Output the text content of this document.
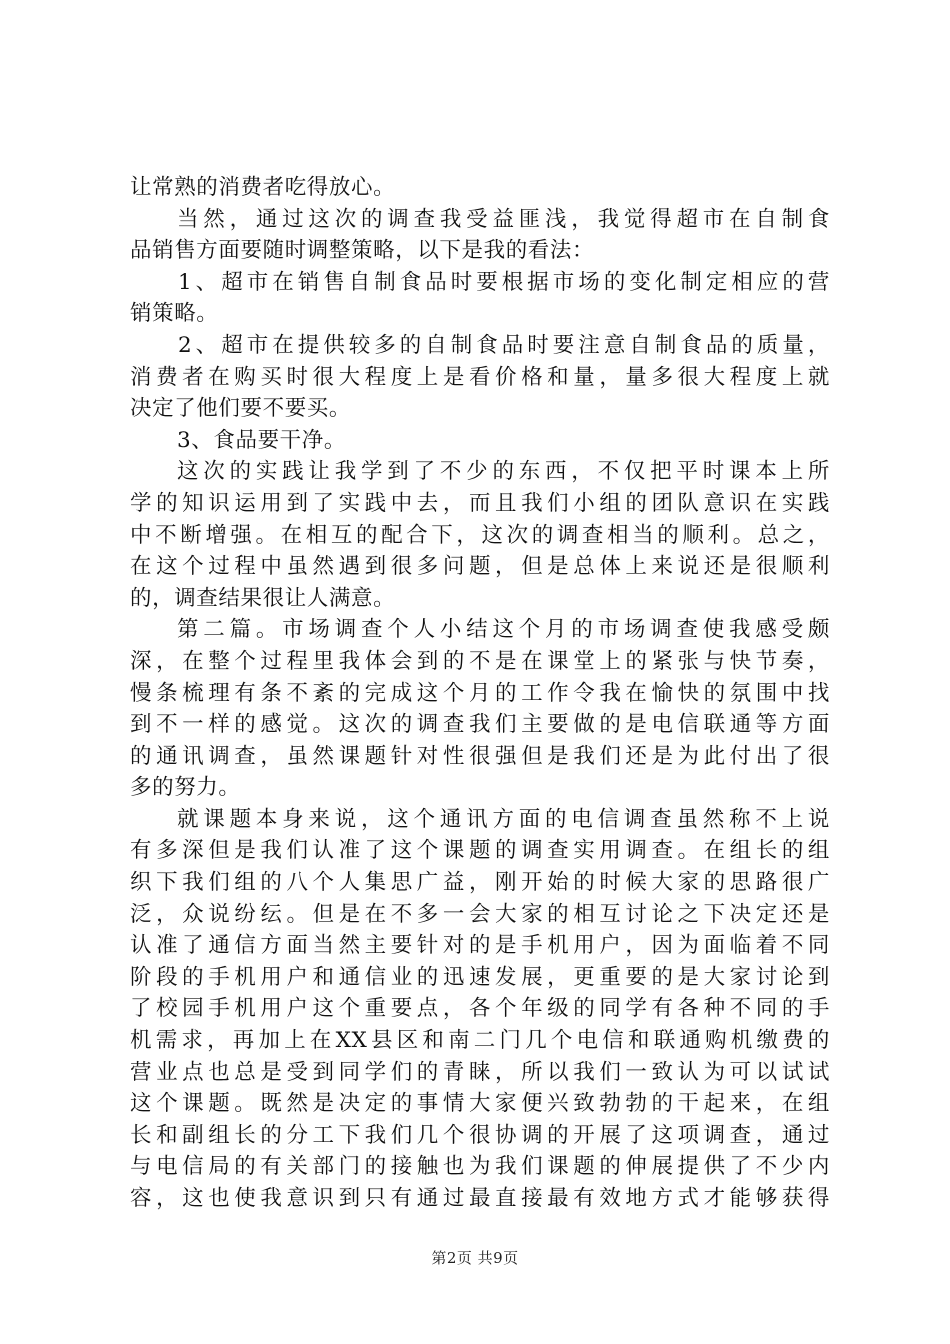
让常熟的消费者吃得放心。
当然，通过这次的调查我受益匪浅，我觉得超市在自制食
品销售方面要随时调整策略，以下是我的看法：
1、超市在销售自制食品时要根据市场的变化制定相应的营
销策略。
2、超市在提供较多的自制食品时要注意自制食品的质量，
消费者在购买时很大程度上是看价格和量，量多很大程度上就
决定了他们要不要买。
3、食品要干净。
这次的实践让我学到了不少的东西，不仅把平时课本上所
学的知识运用到了实践中去，而且我们小组的团队意识在实践
中不断增强。在相互的配合下，这次的调查相当的顺利。总之，
在这个过程中虽然遇到很多问题，但是总体上来说还是很顺利
的，调查结果很让人满意。
第二篇。市场调查个人小结这个月的市场调查使我感受颇
深，在整个过程里我体会到的不是在课堂上的紧张与快节奏，
慢条梳理有条不紊的完成这个月的工作令我在愉快的氛围中找
到不一样的感觉。这次的调查我们主要做的是电信联通等方面
的通讯调查，虽然课题针对性很强但是我们还是为此付出了很
多的努力。
就课题本身来说，这个通讯方面的电信调查虽然称不上说
有多深但是我们认准了这个课题的调查实用调查。在组长的组
织下我们组的八个人集思广益，刚开始的时候大家的思路很广
泛，众说纷纭。但是在不多一会大家的相互讨论之下决定还是
认准了通信方面当然主要针对的是手机用户，因为面临着不同
阶段的手机用户和通信业的迅速发展，更重要的是大家讨论到
了校园手机用户这个重要点，各个年级的同学有各种不同的手
机需求，再加上在XX县区和南二门几个电信和联通购机缴费的
营业点也总是受到同学们的青睐，所以我们一致认为可以试试
这个课题。既然是决定的事情大家便兴致勃勃的干起来，在组
长和副组长的分工下我们几个很协调的开展了这项调查，通过
与电信局的有关部门的接触也为我们课题的伸展提供了不少内
容，这也使我意识到只有通过最直接最有效地方式才能够获得
第2页 共9页
